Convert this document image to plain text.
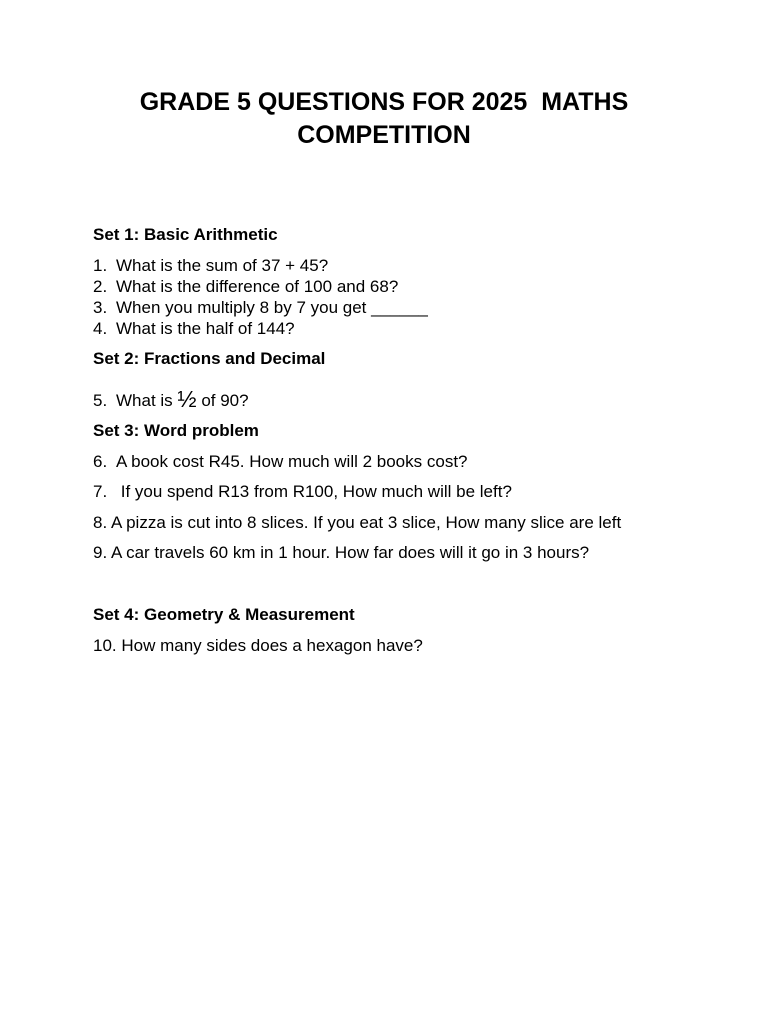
GRADE 5 QUESTIONS FOR 2025  MATHS
COMPETITION
Set 1: Basic Arithmetic
1. What is the sum of 37 + 45?
2. What is the difference of 100 and 68?
3. When you multiply 8 by 7 you get ______
4. What is the half of 144?
Set 2: Fractions and Decimal
5. What is ½ of 90?
Set 3: Word problem
6. A book cost R45. How much will 2 books cost?
7. If you spend R13 from R100, How much will be left?
8. A pizza is cut into 8 slices. If you eat 3 slice, How many slice are left
9. A car travels 60 km in 1 hour. How far does will it go in 3 hours?
Set 4: Geometry & Measurement
10. How many sides does a hexagon have?
